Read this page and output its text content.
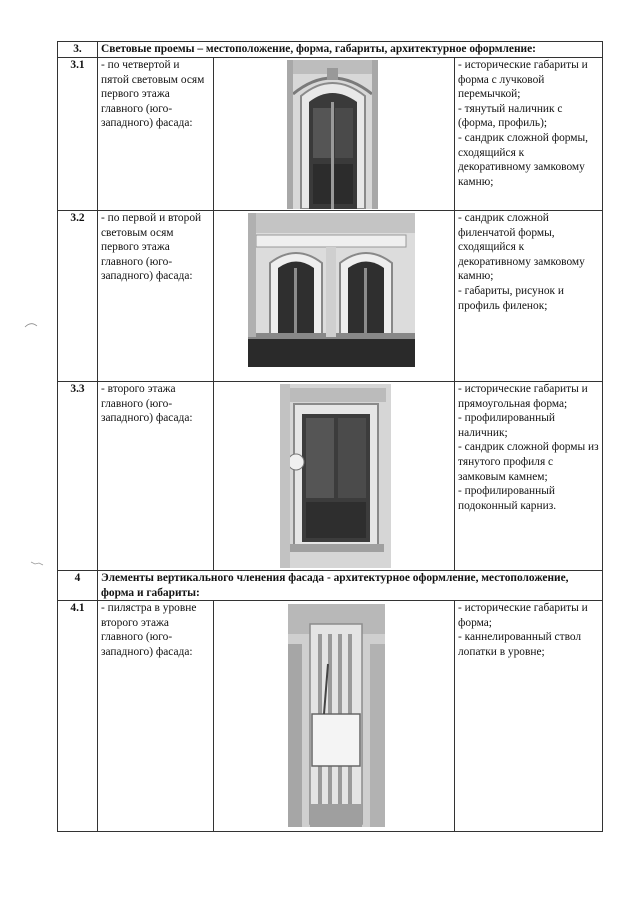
3.	Световые проемы – местоположение, форма, габариты, архитектурное оформление:		
3.1	- по четвертой и пятой световым осям первого этажа главного (юго- западного) фасада:		- исторические габариты и форма с лучковой перемычкой;
- тянутый наличник с (форма, профиль);
- сандрик сложной формы, сходящийся к декоративному замковому камню;
3.2	- по первой и второй световым осям первого этажа главного (юго- западного) фасада:		- сандрик сложной филенчатой формы, сходящийся к декоративному замковому камню;
- габариты, рисунок и профиль филенок;
3.3	- второго этажа главного (юго- западного) фасада:		- исторические габариты и прямоугольная форма;
- профилированный наличник;
- сандрик сложной формы из тянутого профиля с замковым камнем;
- профилированный подоконный карниз.
4	Элементы вертикального членения фасада - архитектурное оформление, местоположение, форма и габариты:		
4.1	- пилястра в уровне второго этажа главного (юго- западного) фасада:		- исторические габариты и форма;
- каннелированный ствол лопатки в уровне;
